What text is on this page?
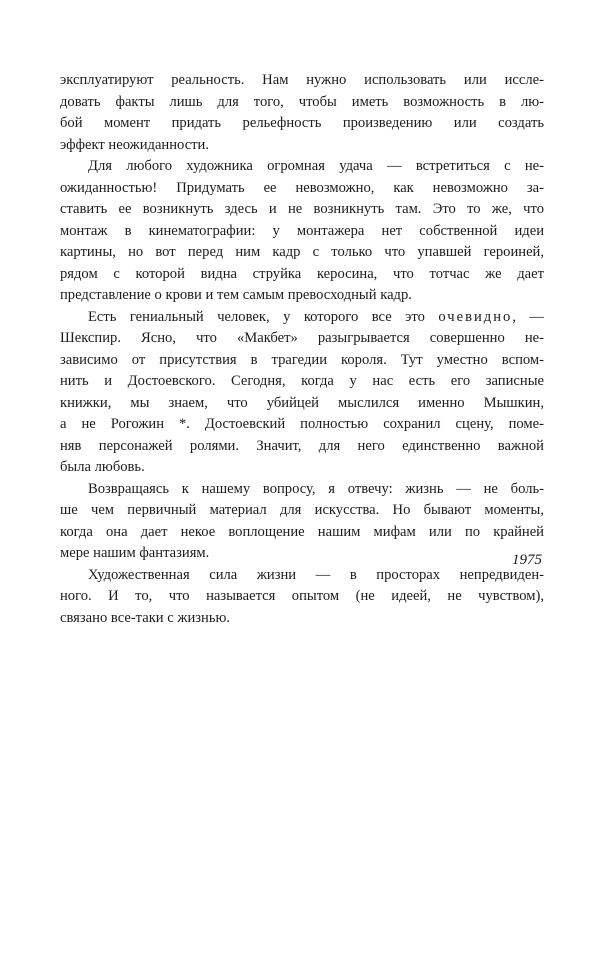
эксплуатируют реальность. Нам нужно использовать или иссле-
довать факты лишь для того, чтобы иметь возможность в лю-
бой момент придать рельефность произведению или создать
эффект неожиданности.
Для любого художника огромная удача — встретиться с не-
ожиданностью! Придумать ее невозможно, как невозможно за-
ставить ее возникнуть здесь и не возникнуть там. Это то же, что
монтаж в кинематографии: у монтажера нет собственной идеи
картины, но вот перед ним кадр с только что упавшей героиней,
рядом с которой видна струйка керосина, что тотчас же дает
представление о крови и тем самым превосходный кадр.
Есть гениальный человек, у которого все это очевидно, —
Шекспир. Ясно, что «Макбет» разыгрывается совершенно не-
зависимо от присутствия в трагедии короля. Тут уместно вспом-
нить и Достоевского. Сегодня, когда у нас есть его записные
книжки, мы знаем, что убийцей мыслился именно Мышкин,
а не Рогожин *. Достоевский полностью сохранил сцену, поме-
няв персонажей ролями. Значит, для него единственно важной
была любовь.
Возвращаясь к нашему вопросу, я отвечу: жизнь — не боль-
ше чем первичный материал для искусства. Но бывают моменты,
когда она дает некое воплощение нашим мифам или по крайней
мере нашим фантазиям.
Художественная сила жизни — в просторах непредвиден-
ного. И то, что называется опытом (не идеей, не чувством),
связано все-таки с жизнью.
1975
